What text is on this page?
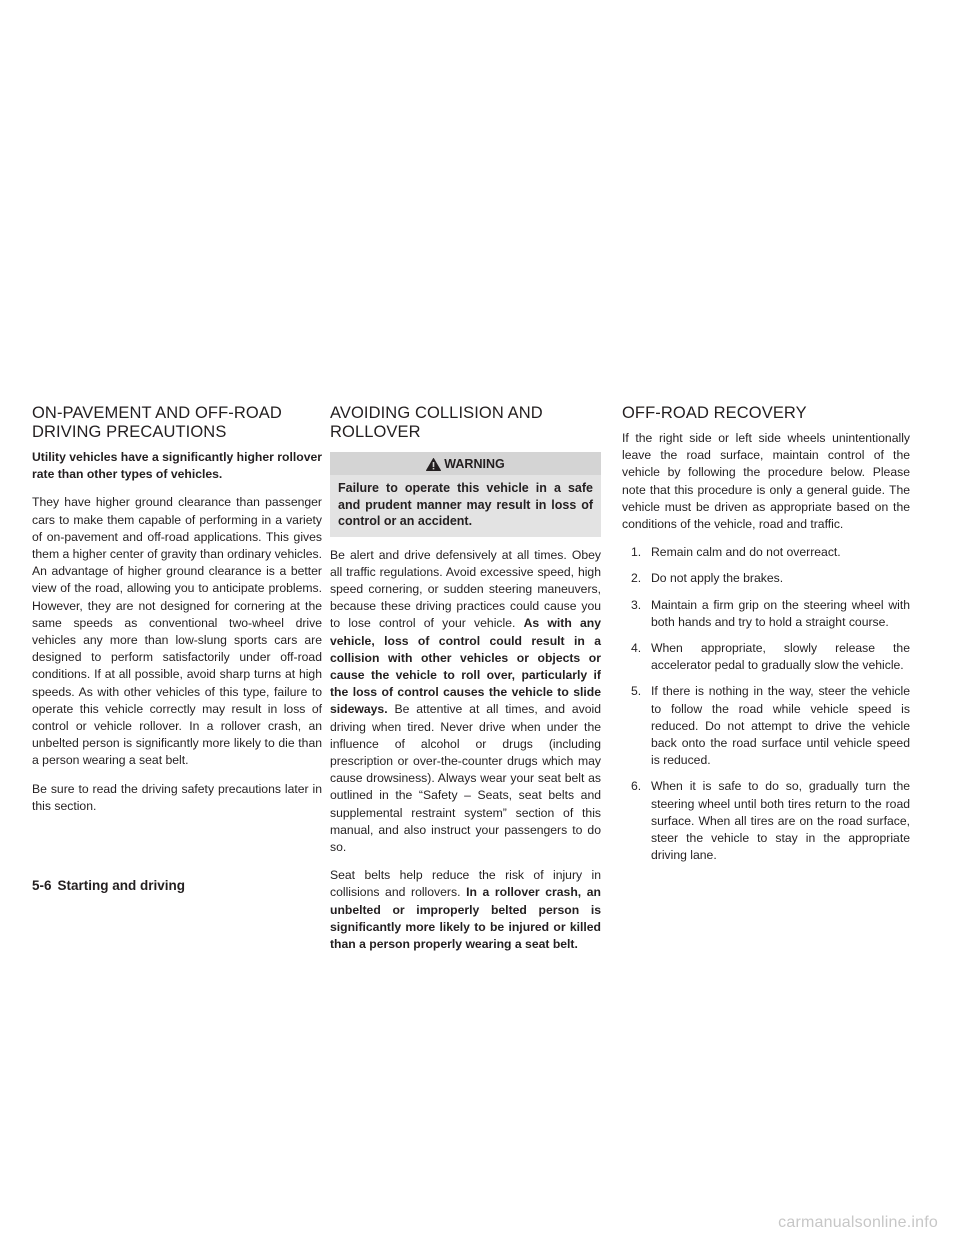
ON-PAVEMENT AND OFF-ROAD
DRIVING PRECAUTIONS

Utility vehicles have a significantly higher rollover rate than other types of vehicles.

They have higher ground clearance than passenger cars to make them capable of performing in a variety of on-pavement and off-road applications. This gives them a higher center of gravity than ordinary vehicles. An advantage of higher ground clearance is a better view of the road, allowing you to anticipate problems. However, they are not designed for cornering at the same speeds as conventional two-wheel drive vehicles any more than low-slung sports cars are designed to perform satisfactorily under off-road conditions. If at all possible, avoid sharp turns at high speeds. As with other vehicles of this type, failure to operate this vehicle correctly may result in loss of control or vehicle rollover. In a rollover crash, an unbelted person is significantly more likely to die than a person wearing a seat belt.

Be sure to read the driving safety precautions later in this section.

AVOIDING COLLISION AND
ROLLOVER
WARNING
Failure to operate this vehicle in a safe and prudent manner may result in loss of control or an accident.

Be alert and drive defensively at all times. Obey all traffic regulations. Avoid excessive speed, high speed cornering, or sudden steering maneuvers, because these driving practices could cause you to lose control of your vehicle. As with any vehicle, loss of control could result in a collision with other vehicles or objects or cause the vehicle to roll over, particularly if the loss of control causes the vehicle to slide sideways. Be attentive at all times, and avoid driving when tired. Never drive when under the influence of alcohol or drugs (including prescription or over-the-counter drugs which may cause drowsiness). Always wear your seat belt as outlined in the “Safety – Seats, seat belts and supplemental restraint system” section of this manual, and also instruct your passengers to do so.

Seat belts help reduce the risk of injury in collisions and rollovers. In a rollover crash, an unbelted or improperly belted person is significantly more likely to be injured or killed than a person properly wearing a seat belt.

OFF-ROAD RECOVERY

If the right side or left side wheels unintentionally leave the road surface, maintain control of the vehicle by following the procedure below. Please note that this procedure is only a general guide. The vehicle must be driven as appropriate based on the conditions of the vehicle, road and traffic.

1. Remain calm and do not overreact.
2. Do not apply the brakes.
3. Maintain a firm grip on the steering wheel with both hands and try to hold a straight course.
4. When appropriate, slowly release the accelerator pedal to gradually slow the vehicle.
5. If there is nothing in the way, steer the vehicle to follow the road while vehicle speed is reduced. Do not attempt to drive the vehicle back onto the road surface until vehicle speed is reduced.
6. When it is safe to do so, gradually turn the steering wheel until both tires return to the road surface. When all tires are on the road surface, steer the vehicle to stay in the appropriate driving lane.
5-6 Starting and driving
carmanualsonline.info
